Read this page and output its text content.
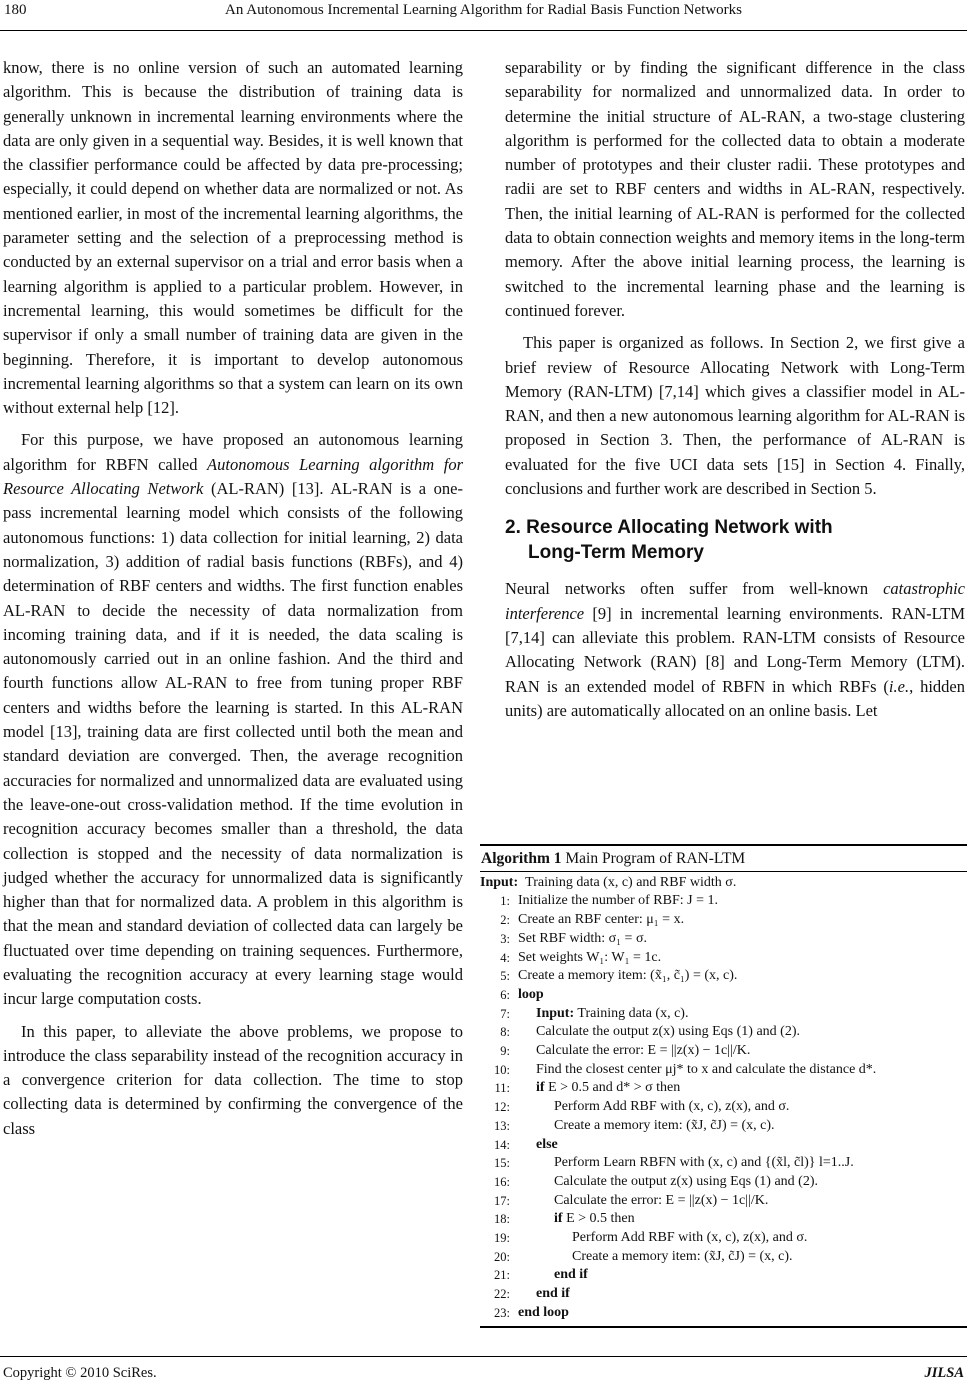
180	An Autonomous Incremental Learning Algorithm for Radial Basis Function Networks

know, there is no online version of such an automated learning algorithm. This is because the distribution of training data is generally unknown in incremental learning environments where the data are only given in a sequential way. Besides, it is well known that the classifier performance could be affected by data pre-processing; especially, it could depend on whether data are normalized or not. As mentioned earlier, in most of the incremental learning algorithms, the parameter setting and the selection of a preprocessing method is conducted by an external supervisor on a trial and error basis when a learning algorithm is applied to a particular problem. However, in incremental learning, this would sometimes be difficult for the supervisor if only a small number of training data are given in the beginning. Therefore, it is important to develop autonomous incremental learning algorithms so that a system can learn on its own without external help [12].

For this purpose, we have proposed an autonomous learning algorithm for RBFN called Autonomous Learning algorithm for Resource Allocating Network (AL-RAN) [13]. AL-RAN is a one-pass incremental learning model which consists of the following autonomous functions: 1) data collection for initial learning, 2) data normalization, 3) addition of radial basis functions (RBFs), and 4) determination of RBF centers and widths. The first function enables AL-RAN to decide the necessity of data normalization from incoming training data, and if it is needed, the data scaling is autonomously carried out in an online fashion. And the third and fourth functions allow AL-RAN to free from tuning proper RBF centers and widths before the learning is started. In this AL-RAN model [13], training data are first collected until both the mean and standard deviation are converged. Then, the average recognition accuracies for normalized and unnormalized data are evaluated using the leave-one-out cross-validation method. If the time evolution in recognition accuracy becomes smaller than a threshold, the data collection is stopped and the necessity of data normalization is judged whether the accuracy for unnormalized data is significantly higher than that for normalized data. A problem in this algorithm is that the mean and standard deviation of collected data can largely be fluctuated over time depending on training sequences. Furthermore, evaluating the recognition accuracy at every learning stage would incur large computation costs.

In this paper, to alleviate the above problems, we propose to introduce the class separability instead of the recognition accuracy in a convergence criterion for data collection. The time to stop collecting data is determined by confirming the convergence of the class

separability or by finding the significant difference in the class separability for normalized and unnormalized data. In order to determine the initial structure of AL-RAN, a two-stage clustering algorithm is performed for the collected data to obtain a moderate number of prototypes and their cluster radii. These prototypes and radii are set to RBF centers and widths in AL-RAN, respectively. Then, the initial learning of AL-RAN is performed for the collected data to obtain connection weights and memory items in the long-term memory. After the above initial learning process, the learning is switched to the incremental learning phase and the learning is continued forever.

This paper is organized as follows. In Section 2, we first give a brief review of Resource Allocating Network with Long-Term Memory (RAN-LTM) [7,14] which gives a classifier model in AL-RAN, and then a new autonomous learning algorithm for AL-RAN is proposed in Section 3. Then, the performance of AL-RAN is evaluated for the five UCI data sets [15] in Section 4. Finally, conclusions and further work are described in Section 5.

2. Resource Allocating Network with
Long-Term Memory

Neural networks often suffer from well-known catastrophic interference [9] in incremental learning environments. RAN-LTM [7,14] can alleviate this problem. RAN-LTM consists of Resource Allocating Network (RAN) [8] and Long-Term Memory (LTM). RAN is an extended model of RBFN in which RBFs (i.e., hidden units) are automatically allocated on an online basis. Let

Algorithm 1 Main Program of RAN-LTM
Input:
Training data (x, c) and RBF width σ.
1: Initialize the number of RBF: J = 1.
2: Create an RBF center: μ₁ = x.
3: Set RBF width: σ₁ = σ.
4: Set weights W₁: W₁ = 1c.
5: Create a memory item: (x̃₁, c̃₁) = (x, c).
6: loop
7:	Input: Training data (x, c).
8:	Calculate the output z(x) using Eqs (1) and (2).
9:	Calculate the error: E = ||z(x) − 1c||/K.
10:	Find the closest center μj* to x and calculate the distance d*.
11:	if E > 0.5 and d* > σ then
12:	Perform Add RBF with (x, c), z(x), and σ.
13:	Create a memory item: (x̃J, c̃J) = (x, c).
14:	else
15:	Perform Learn RBFN with (x, c) and {(x̃l, c̃l)} l=1..J.
16:	Calculate the output z(x) using Eqs (1) and (2).
17:	Calculate the error: E = ||z(x) − 1c||/K.
18:	if E > 0.5 then
19:	Perform Add RBF with (x, c), z(x), and σ.
20:	Create a memory item: (x̃J, c̃J) = (x, c).
21:	end if
22:	end if
23: end loop
Copyright © 2010 SciRes.	JILSA
